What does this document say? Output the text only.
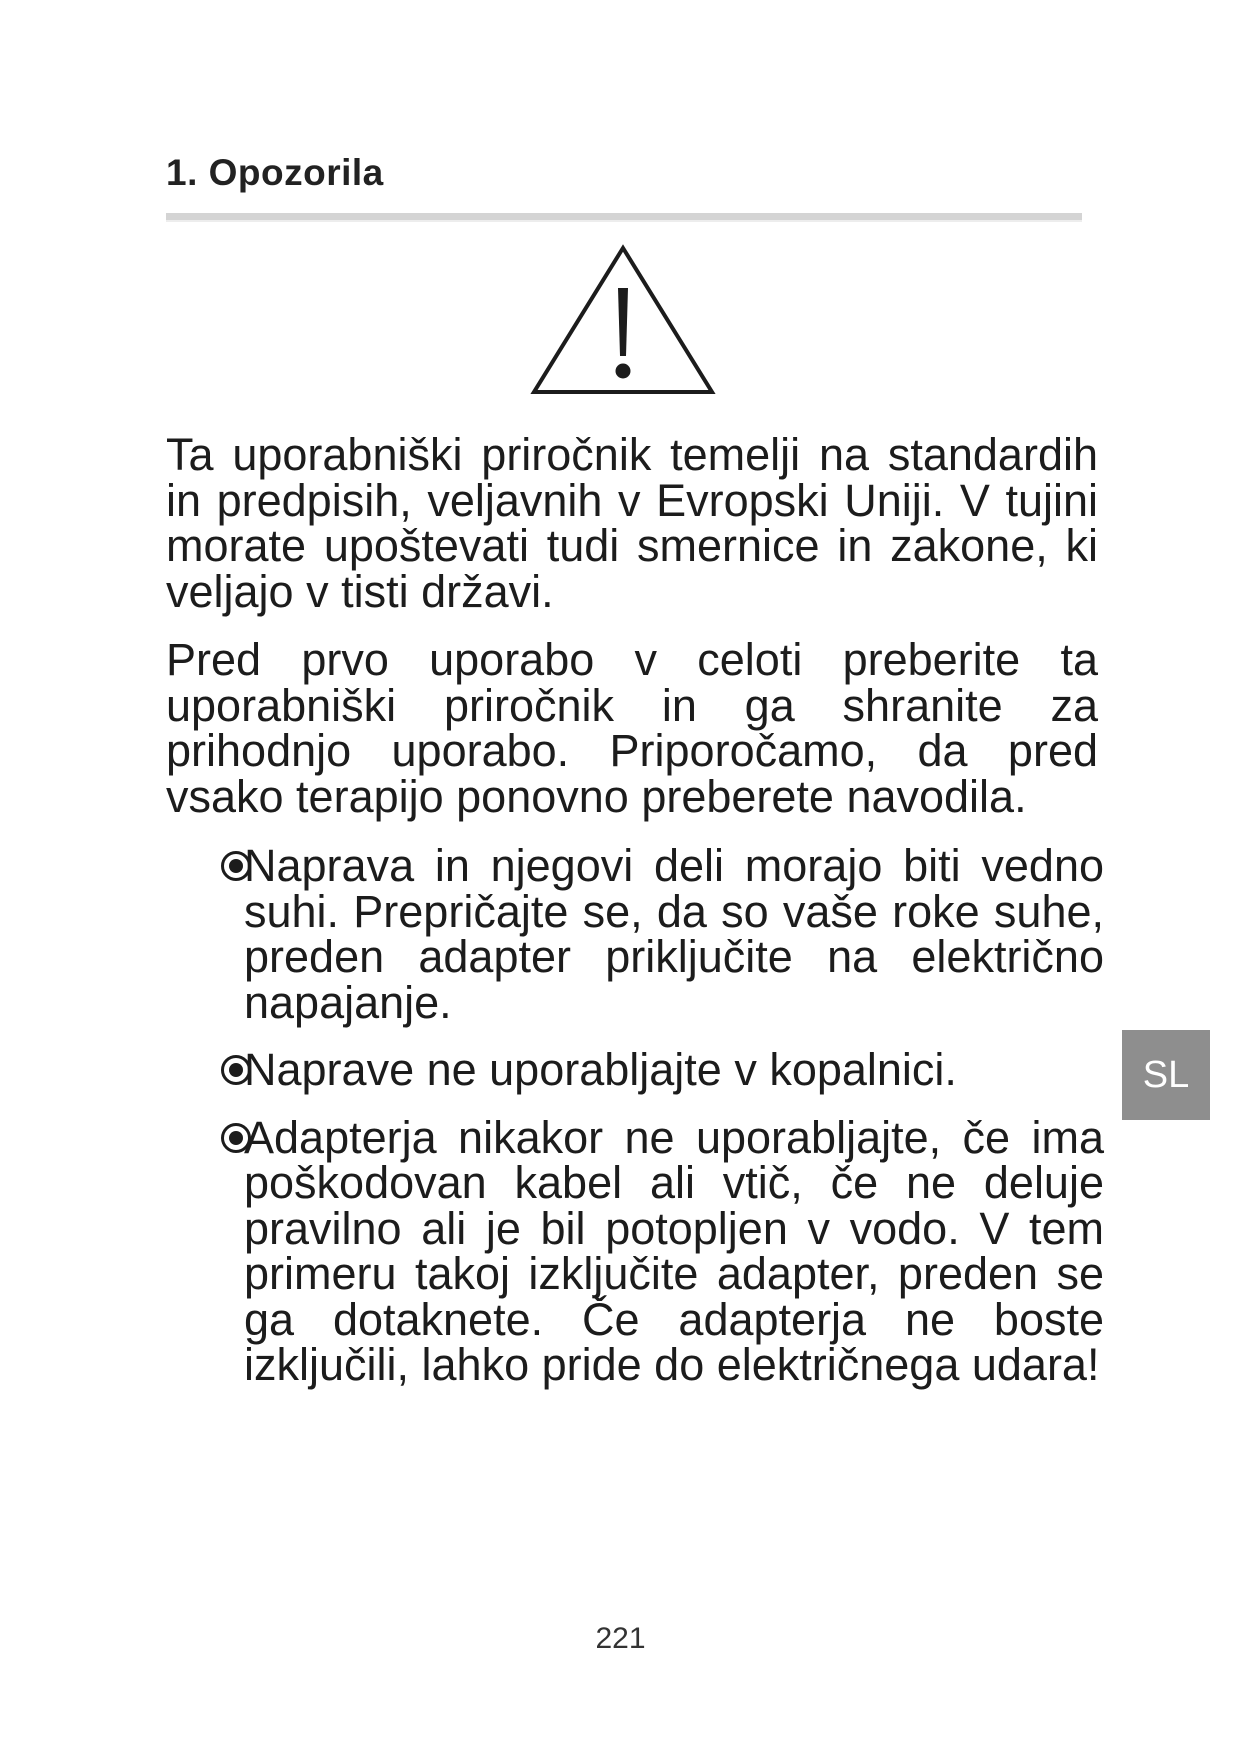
1. Opozorila

Ta uporabniški priročnik temelji na standardih in predpisih, veljavnih v Evropski Uniji. V tujini morate upoštevati tudi smernice in zakone, ki veljajo v tisti državi.

Pred prvo uporabo v celoti preberite ta uporabniški priročnik in ga shranite za prihodnjo uporabo. Priporočamo, da pred vsako terapijo ponovno preberete navodila.

Naprava in njegovi deli morajo biti vedno suhi. Prepričajte se, da so vaše roke suhe, preden adapter priključite na električno napajanje.
Naprave ne uporabljajte v kopalnici.
Adapterja nikakor ne uporabljajte, če ima poškodovan kabel ali vtič, če ne deluje pravilno ali je bil potopljen v vodo. V tem primeru takoj izključite adapter, preden se ga dotaknete. Če adapterja ne boste izključili, lahko pride do električnega udara!
SL
221
